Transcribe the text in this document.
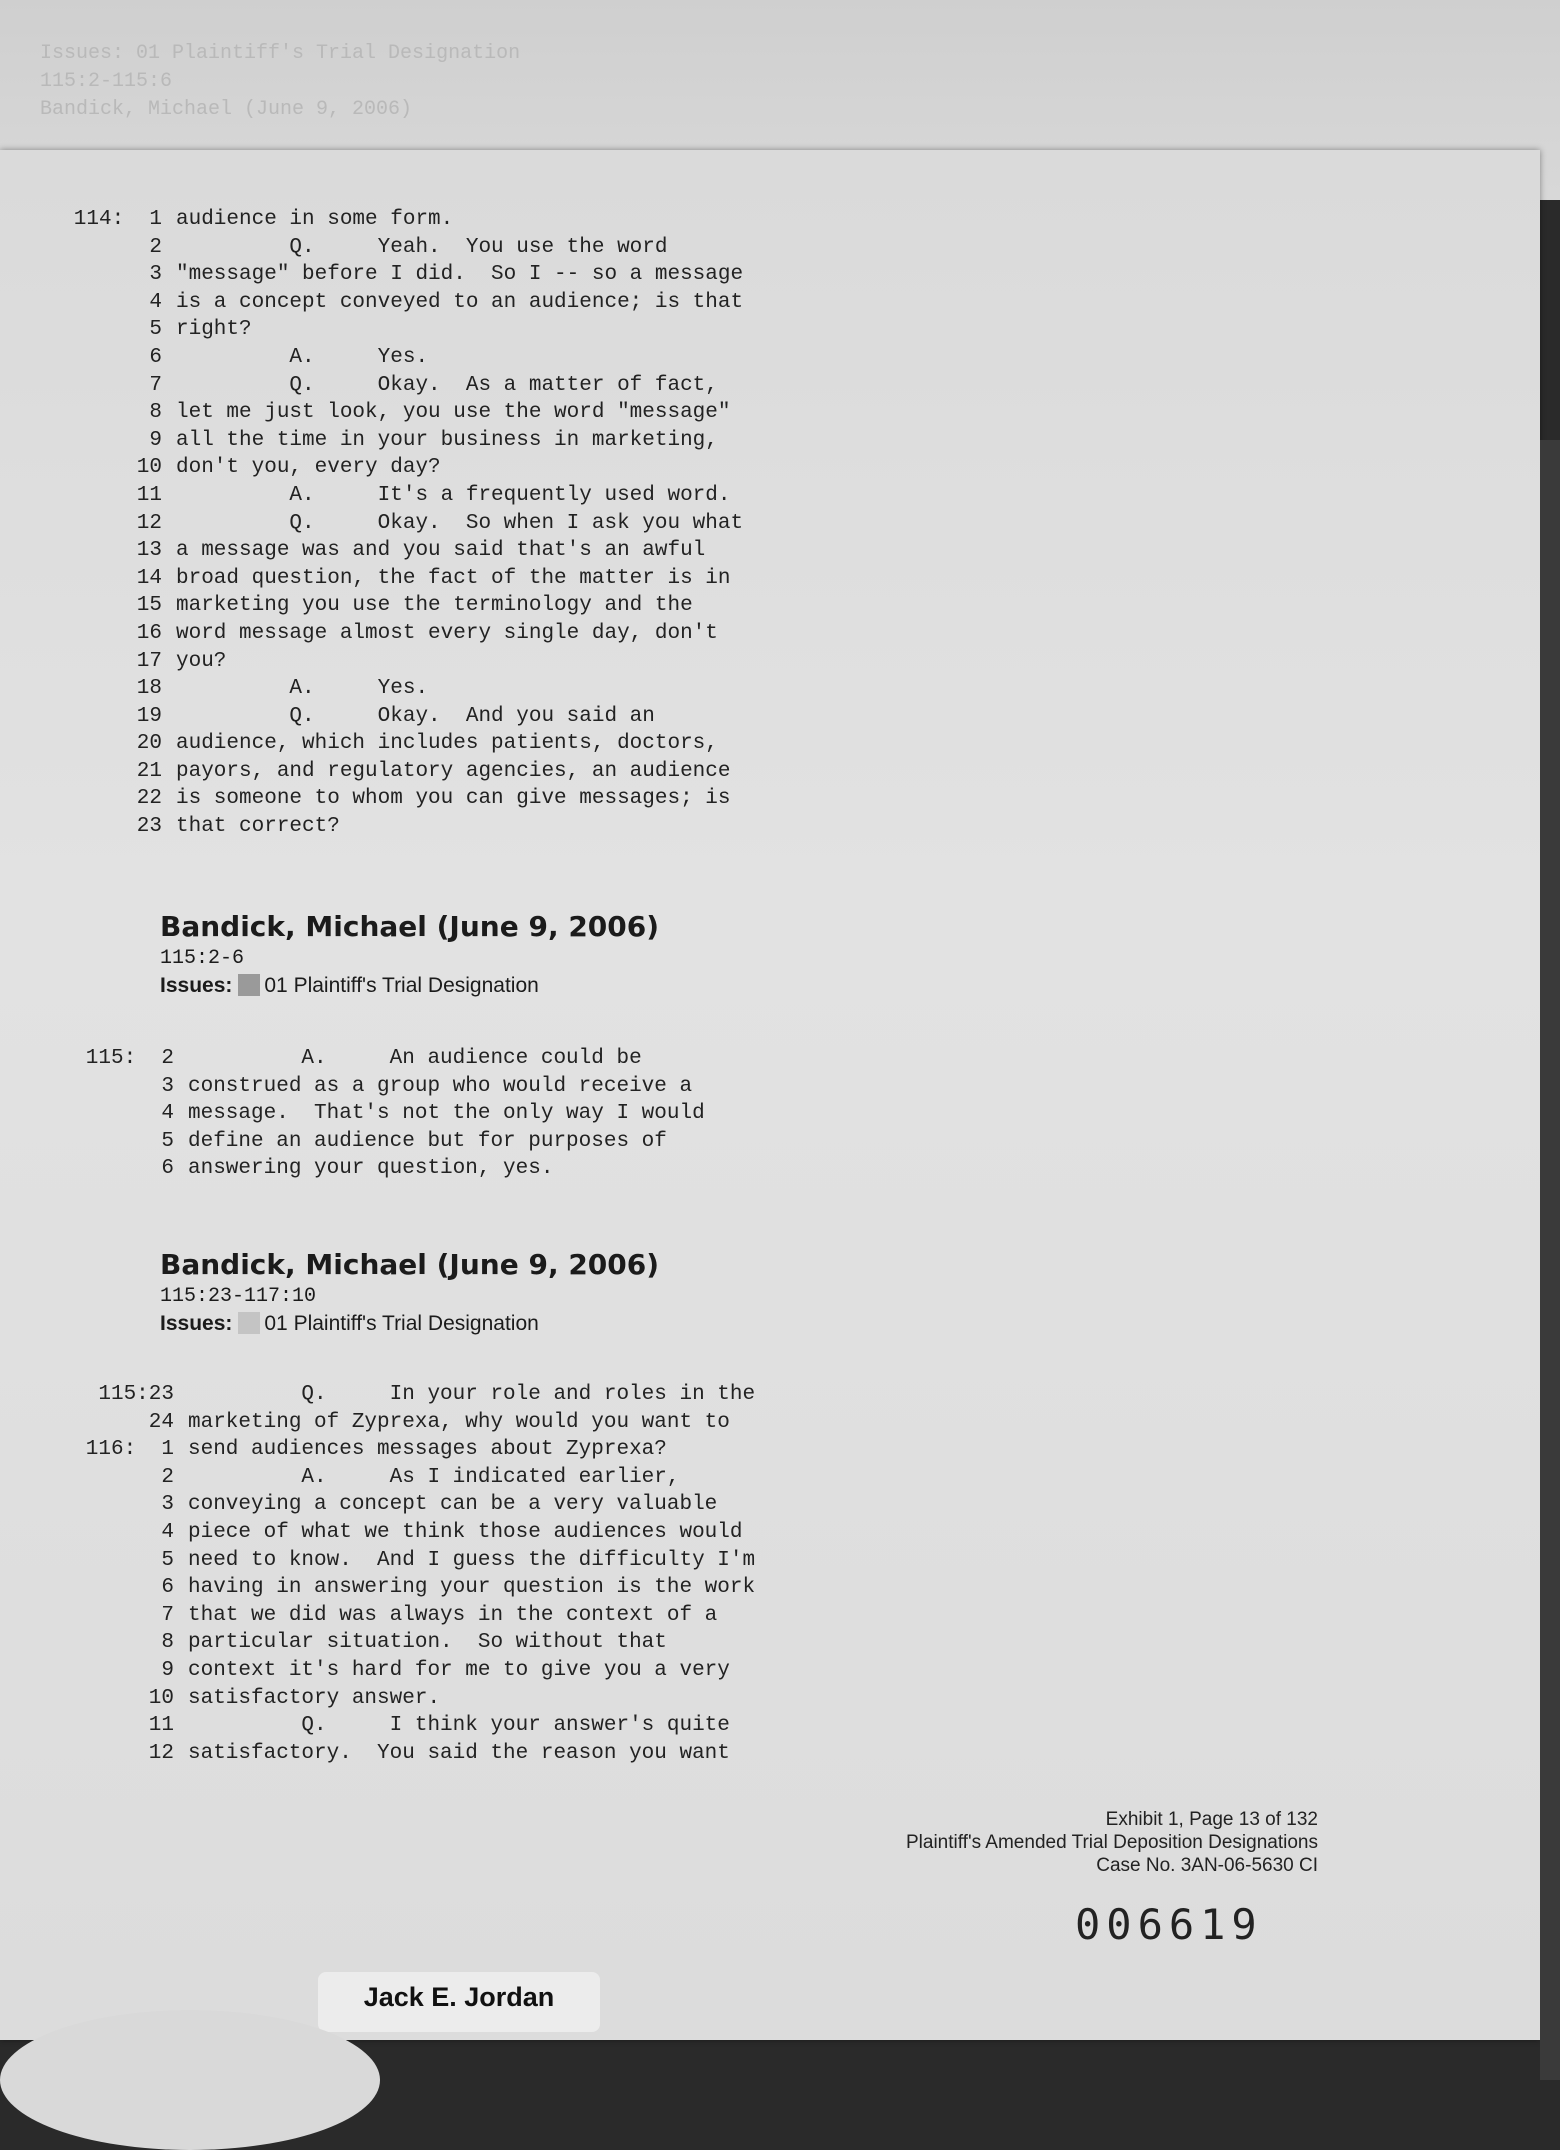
Issues: 01 Plaintiff's Trial Designation
115:2-115:6
Bandick, Michael (June 9, 2006)
114:  1 audience in some form.
2 Q.     Yeah.  You use the word
3 "message" before I did.  So I -- so a message
4 is a concept conveyed to an audience; is that
5 right?
6 A.     Yes.
7 Q.     Okay.  As a matter of fact,
8 let me just look, you use the word "message"
9 all the time in your business in marketing,
10 don't you, every day?
11 A.     It's a frequently used word.
12 Q.     Okay.  So when I ask you what
13 a message was and you said that's an awful
14 broad question, the fact of the matter is in
15 marketing you use the terminology and the
16 word message almost every single day, don't
17 you?
18 A.     Yes.
19 Q.     Okay.  And you said an
20 audience, which includes patients, doctors,
21 payors, and regulatory agencies, an audience
22 is someone to whom you can give messages; is
23 that correct?
Bandick, Michael (June 9, 2006)
115:2-6
Issues: 01 Plaintiff's Trial Designation
115:  2 A.     An audience could be
3 construed as a group who would receive a
4 message.  That's not the only way I would
5 define an audience but for purposes of
6 answering your question, yes.
Bandick, Michael (June 9, 2006)
115:23-117:10
Issues: 01 Plaintiff's Trial Designation
115:23 Q.     In your role and roles in the
24 marketing of Zyprexa, why would you want to
116:  1 send audiences messages about Zyprexa?
2 A.     As I indicated earlier,
3 conveying a concept can be a very valuable
4 piece of what we think those audiences would
5 need to know.  And I guess the difficulty I'm
6 having in answering your question is the work
7 that we did was always in the context of a
8 particular situation.  So without that
9 context it's hard for me to give you a very
10 satisfactory answer.
11 Q.     I think your answer's quite
12 satisfactory.  You said the reason you want
Exhibit 1, Page 13 of 132
Plaintiff's Amended Trial Deposition Designations
Case No. 3AN-06-5630 CI
006619
Jack E. Jordan
